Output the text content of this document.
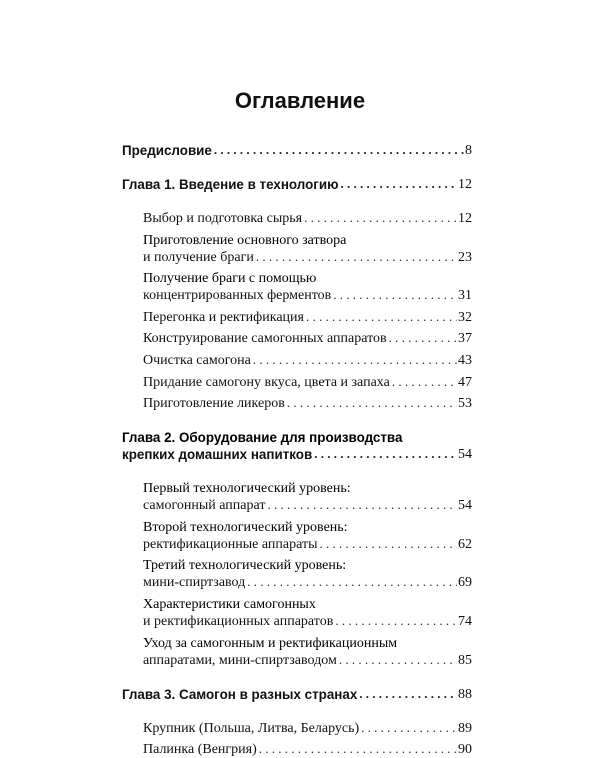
Оглавление
Предисловие . . .	8
Глава 1. Введение в технологию . . .	12
Выбор и подготовка сырья . . .	12
Приготовление основного затвора
и получение браги . . .	23
Получение браги с помощью
концентрированных ферментов . . .	31
Перегонка и ректификация . . .	32
Конструирование самогонных аппаратов . . .	37
Очистка самогона . . .	43
Придание самогону вкуса, цвета и запаха . . .	47
Приготовление ликеров . . .	53
Глава 2. Оборудование для производства
крепких домашних напитков . . .	54
Первый технологический уровень:
самогонный аппарат . . .	54
Второй технологический уровень:
ректификационные аппараты . . .	62
Третий технологический уровень:
мини-спиртзавод . . .	69
Характеристики самогонных
и ректификационных аппаратов . . .	74
Уход за самогонным и ректификационным
аппаратами, мини-спиртзаводом . . .	85
Глава 3. Самогон в разных странах . . .	88
Крупник (Польша, Литва, Беларусь) . . .	89
Палинка (Венгрия) . . .	90
